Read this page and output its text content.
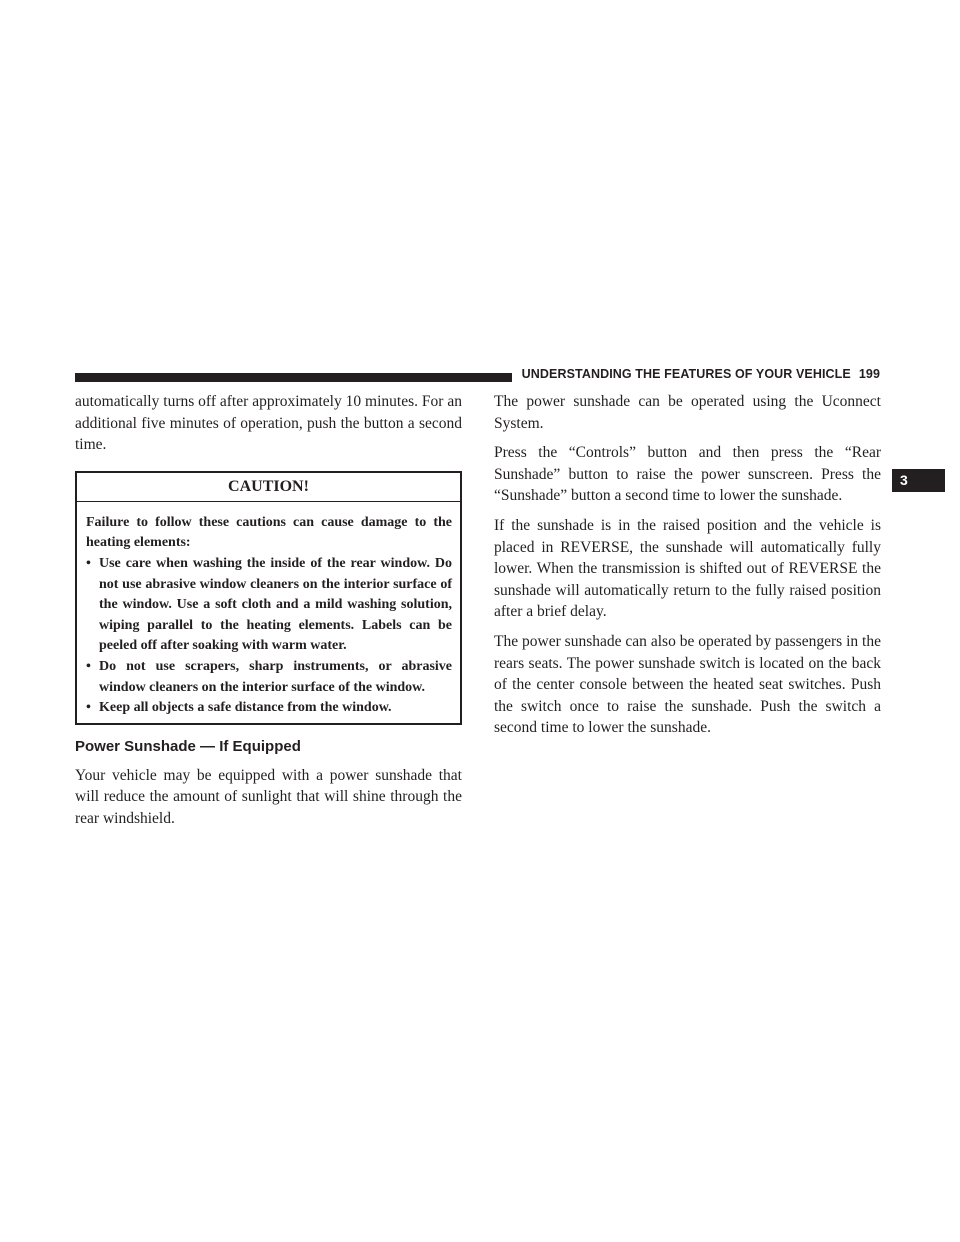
UNDERSTANDING THE FEATURES OF YOUR VEHICLE 199
3

automatically turns off after approximately 10 minutes. For an additional five minutes of operation, push the button a second time.

CAUTION!

Failure to follow these cautions can cause damage to the heating elements:

• Use care when washing the inside of the rear window. Do not use abrasive window cleaners on the interior surface of the window. Use a soft cloth and a mild washing solution, wiping parallel to the heating elements. Labels can be peeled off after soaking with warm water.
• Do not use scrapers, sharp instruments, or abrasive window cleaners on the interior surface of the window.
• Keep all objects a safe distance from the window.
Power Sunshade — If Equipped

Your vehicle may be equipped with a power sunshade that will reduce the amount of sunlight that will shine through the rear windshield.

The power sunshade can be operated using the Uconnect System.

Press the “Controls” button and then press the “Rear Sunshade” button to raise the power sunscreen. Press the “Sunshade” button a second time to lower the sunshade.

If the sunshade is in the raised position and the vehicle is placed in REVERSE, the sunshade will automatically fully lower. When the transmission is shifted out of REVERSE the sunshade will automatically return to the fully raised position after a brief delay.

The power sunshade can also be operated by passengers in the rears seats. The power sunshade switch is located on the back of the center console between the heated seat switches. Push the switch once to raise the sunshade. Push the switch a second time to lower the sunshade.
